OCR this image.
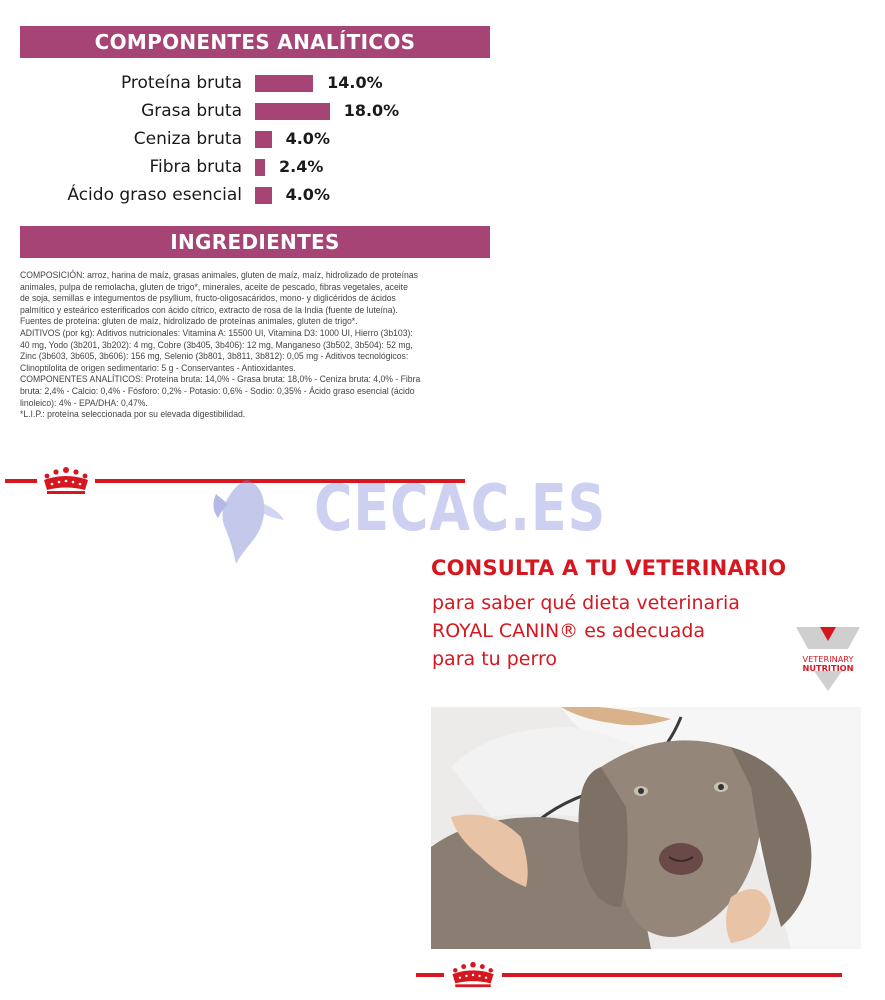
COMPONENTES ANALÍTICOS
Proteína bruta	14.0%
Grasa bruta	18.0%
Ceniza bruta	4.0%
Fibra bruta 2.4%
Ácido graso esencial	4.0%
INGREDIENTES
COMPOSICIÓN: arroz, harina de maíz, grasas animales, gluten de maíz, maíz, hidrolizado de proteínas
animales, pulpa de remolacha, gluten de trigo*, minerales, aceite de pescado, fibras vegetales, aceite
de soja, semillas e integumentos de psyllium, fructo-oligosacáridos, mono- y diglicéridos de ácidos
palmítico y esteárico esterificados con ácido cítrico, extracto de rosa de la India (fuente de luteína).
Fuentes de proteína: gluten de maíz, hidrolizado de proteínas animales, gluten de trigo*.
ADITIVOS (por kg): Aditivos nutricionales: Vitamina A: 15500 UI, Vitamina D3: 1000 UI, Hierro (3b103):
40 mg, Yodo (3b201, 3b202): 4 mg, Cobre (3b405, 3b406): 12 mg, Manganeso (3b502, 3b504): 52 mg,
Zinc (3b603, 3b605, 3b606): 156 mg, Selenio (3b801, 3b811, 3b812): 0,05 mg - Aditivos tecnológicos:
Clinoptilolita de origen sedimentario: 5 g - Conservantes - Antioxidantes.
COMPONENTES ANALÍTICOS: Proteína bruta: 14,0% - Grasa bruta: 18,0% - Ceniza bruta: 4,0% - Fibra
bruta: 2,4% - Calcio: 0,4% - Fósforo: 0,2% - Potasio: 0,6% - Sodio: 0,35% - Ácido graso esencial (ácido
linoleico): 4% - EPA/DHA: 0,47%.
*L.I.P.: proteína seleccionada por su elevada digestibilidad.
CECAC.ES
CONSULTA A TU VETERINARIO
para saber qué dieta veterinaria
ROYAL CANIN® es adecuada
para tu perro	VETERINARY
NUTRITION
